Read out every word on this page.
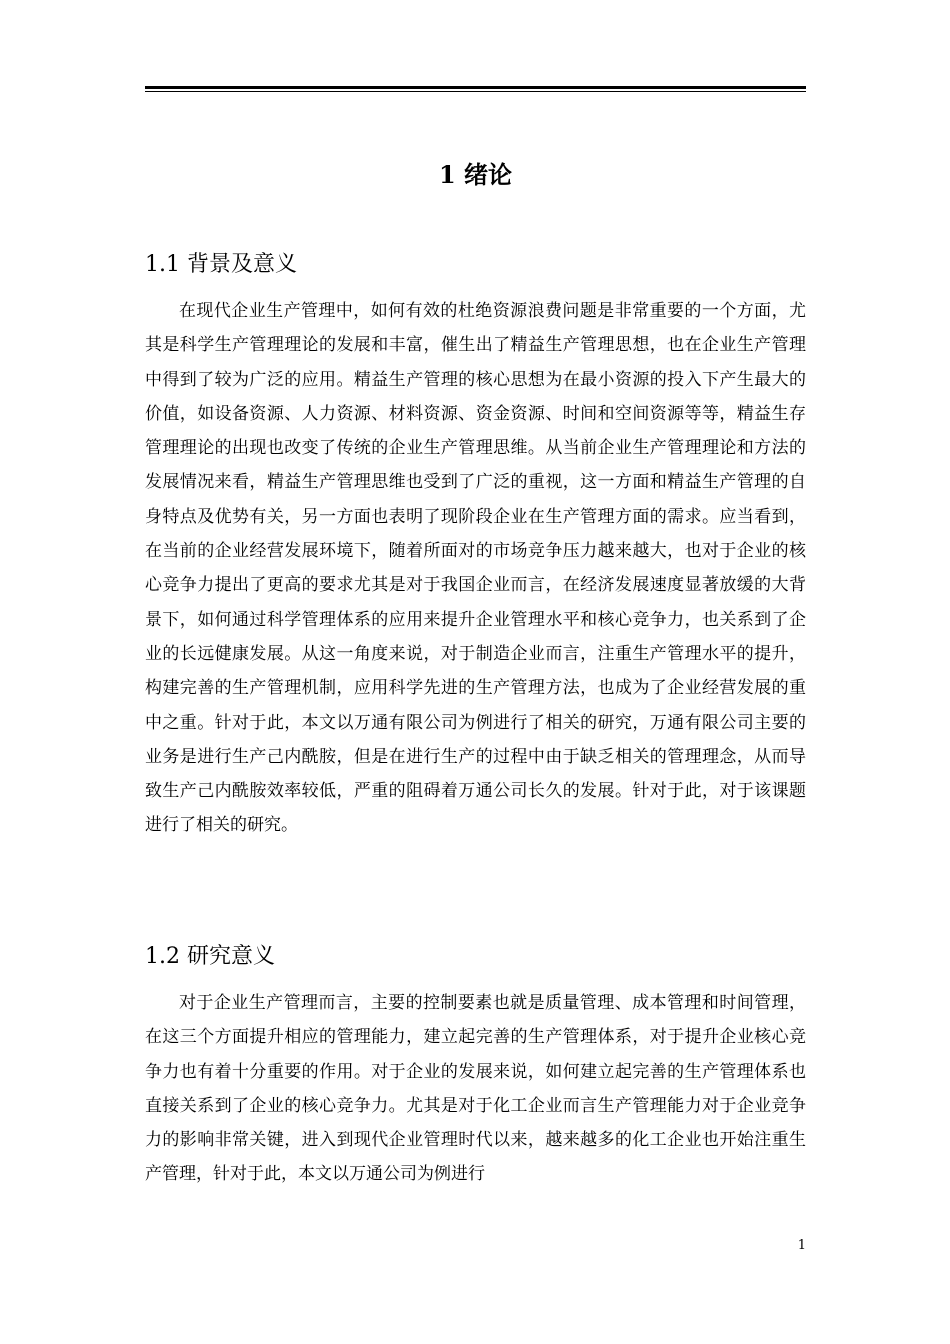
1 绪论
1.1 背景及意义

在现代企业生产管理中，如何有效的杜绝资源浪费问题是非常重要的一个方面，尤其是科学生产管理理论的发展和丰富，催生出了精益生产管理思想，也在企业生产管理中得到了较为广泛的应用。精益生产管理的核心思想为在最小资源的投入下产生最大的价值，如设备资源、人力资源、材料资源、资金资源、时间和空间资源等等，精益生存管理理论的出现也改变了传统的企业生产管理思维。从当前企业生产管理理论和方法的发展情况来看，精益生产管理思维也受到了广泛的重视，这一方面和精益生产管理的自身特点及优势有关，另一方面也表明了现阶段企业在生产管理方面的需求。应当看到，在当前的企业经营发展环境下，随着所面对的市场竞争压力越来越大，也对于企业的核心竞争力提出了更高的要求尤其是对于我国企业而言，在经济发展速度显著放缓的大背景下，如何通过科学管理体系的应用来提升企业管理水平和核心竞争力，也关系到了企业的长远健康发展。从这一角度来说，对于制造企业而言，注重生产管理水平的提升，构建完善的生产管理机制，应用科学先进的生产管理方法，也成为了企业经营发展的重中之重。针对于此，本文以万通有限公司为例进行了相关的研究，万通有限公司主要的业务是进行生产己内酰胺，但是在进行生产的过程中由于缺乏相关的管理理念，从而导致生产己内酰胺效率较低，严重的阻碍着万通公司长久的发展。针对于此，对于该课题进行了相关的研究。

1.2 研究意义

对于企业生产管理而言，主要的控制要素也就是质量管理、成本管理和时间管理，在这三个方面提升相应的管理能力，建立起完善的生产管理体系，对于提升企业核心竞争力也有着十分重要的作用。对于企业的发展来说，如何建立起完善的生产管理体系也直接关系到了企业的核心竞争力。尤其是对于化工企业而言生产管理能力对于企业竞争力的影响非常关键，进入到现代企业管理时代以来，越来越多的化工企业也开始注重生产管理，针对于此，本文以万通公司为例进行

1
